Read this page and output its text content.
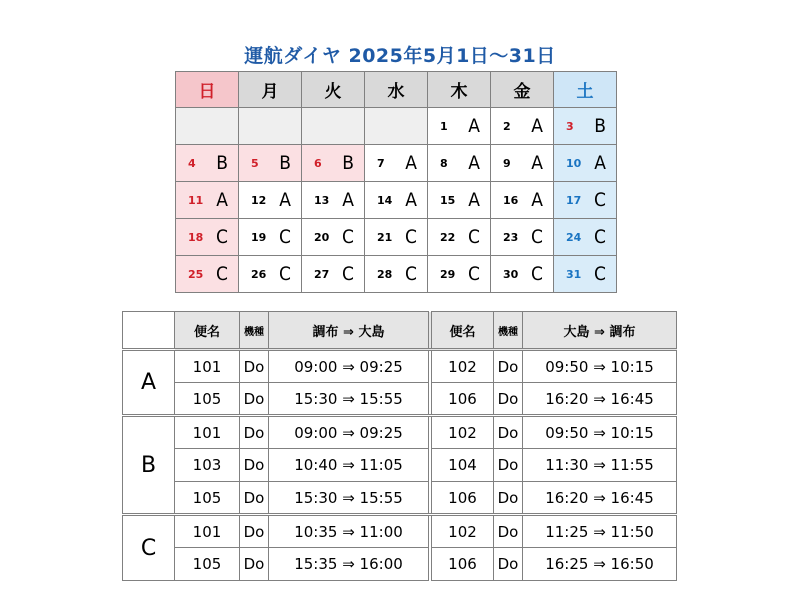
運航ダイヤ 2025年5月1日～31日
日	月	火	水	木	金	土

				1 A	2 A	3 B

4 B	5 B	6 B	7 A	8 A	9 A	10 A

11 A	12 A	13 A	14 A	15 A	16 A	17 C

18 C	19 C	20 C	21 C	22 C	23 C	24 C

25 C	26 C	27 C	28 C	29 C	30 C	31 C
	便名	機種	調布 ⇒ 大島		便名	機種	大島 ⇒ 調布
A	101	Do	09:00 ⇒ 09:25		102	Do	09:50 ⇒ 10:15
	105	Do	15:30 ⇒ 15:55		106	Do	16:20 ⇒ 16:45
B	101	Do	09:00 ⇒ 09:25		102	Do	09:50 ⇒ 10:15
	103	Do	10:40 ⇒ 11:05		104	Do	11:30 ⇒ 11:55
	105	Do	15:30 ⇒ 15:55		106	Do	16:20 ⇒ 16:45
C	101	Do	10:35 ⇒ 11:00		102	Do	11:25 ⇒ 11:50
	105	Do	15:35 ⇒ 16:00		106	Do	16:25 ⇒ 16:50
